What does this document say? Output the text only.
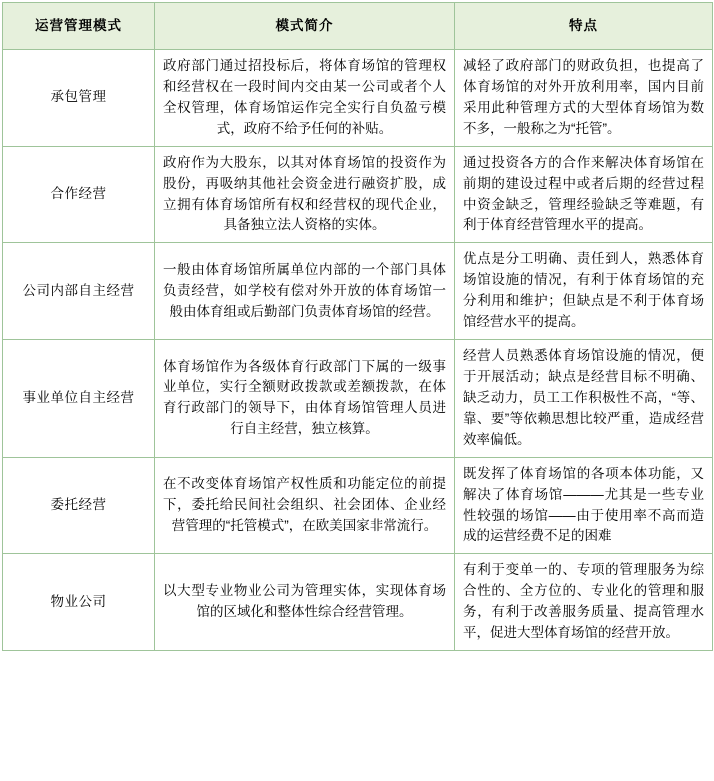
运营管理模式	模式简介	特点
承包管理	政府部门通过招投标后，将体育场馆的管理权和经营权在一段时间内交由某一公司或者个人全权管理，体育场馆运作完全实行自负盈亏模式，政府不给予任何的补贴。	减轻了政府部门的财政负担，也提高了体育场馆的对外开放利用率，国内目前采用此种管理方式的大型体育场馆为数不多，一般称之为“托管”。
合作经营	政府作为大股东，以其对体育场馆的投资作为股份，再吸纳其他社会资金进行融资扩股，成立拥有体育场馆所有权和经营权的现代企业，具备独立法人资格的实体。	通过投资各方的合作来解决体育场馆在前期的建设过程中或者后期的经营过程中资金缺乏，管理经验缺乏等难题，有利于体育经营管理水平的提高。
公司内部自主经营	一般由体育场馆所属单位内部的一个部门具体负责经营，如学校有偿对外开放的体育场馆一般由体育组或后勤部门负责体育场馆的经营。	优点是分工明确、责任到人，熟悉体育场馆设施的情况，有利于体育场馆的充分利用和维护；但缺点是不利于体育场馆经营水平的提高。
事业单位自主经营	体育场馆作为各级体育行政部门下属的一级事业单位，实行全额财政拨款或差额拨款，在体育行政部门的领导下，由体育场馆管理人员进行自主经营，独立核算。	经营人员熟悉体育场馆设施的情况，便于开展活动；缺点是经营目标不明确、缺乏动力，员工工作积极性不高，“等、靠、要”等依赖思想比较严重，造成经营效率偏低。
委托经营	在不改变体育场馆产权性质和功能定位的前提下，委托给民间社会组织、社会团体、企业经营管理的“托管模式”，在欧美国家非常流行。	既发挥了体育场馆的各项本体功能，又解决了体育场馆———尤其是一些专业性较强的场馆——由于使用率不高而造成的运营经费不足的困难
物业公司	以大型专业物业公司为管理实体，实现体育场馆的区域化和整体性综合经营管理。	有利于变单一的、专项的管理服务为综合性的、全方位的、专业化的管理和服务，有利于改善服务质量、提高管理水平，促进大型体育场馆的经营开放。
